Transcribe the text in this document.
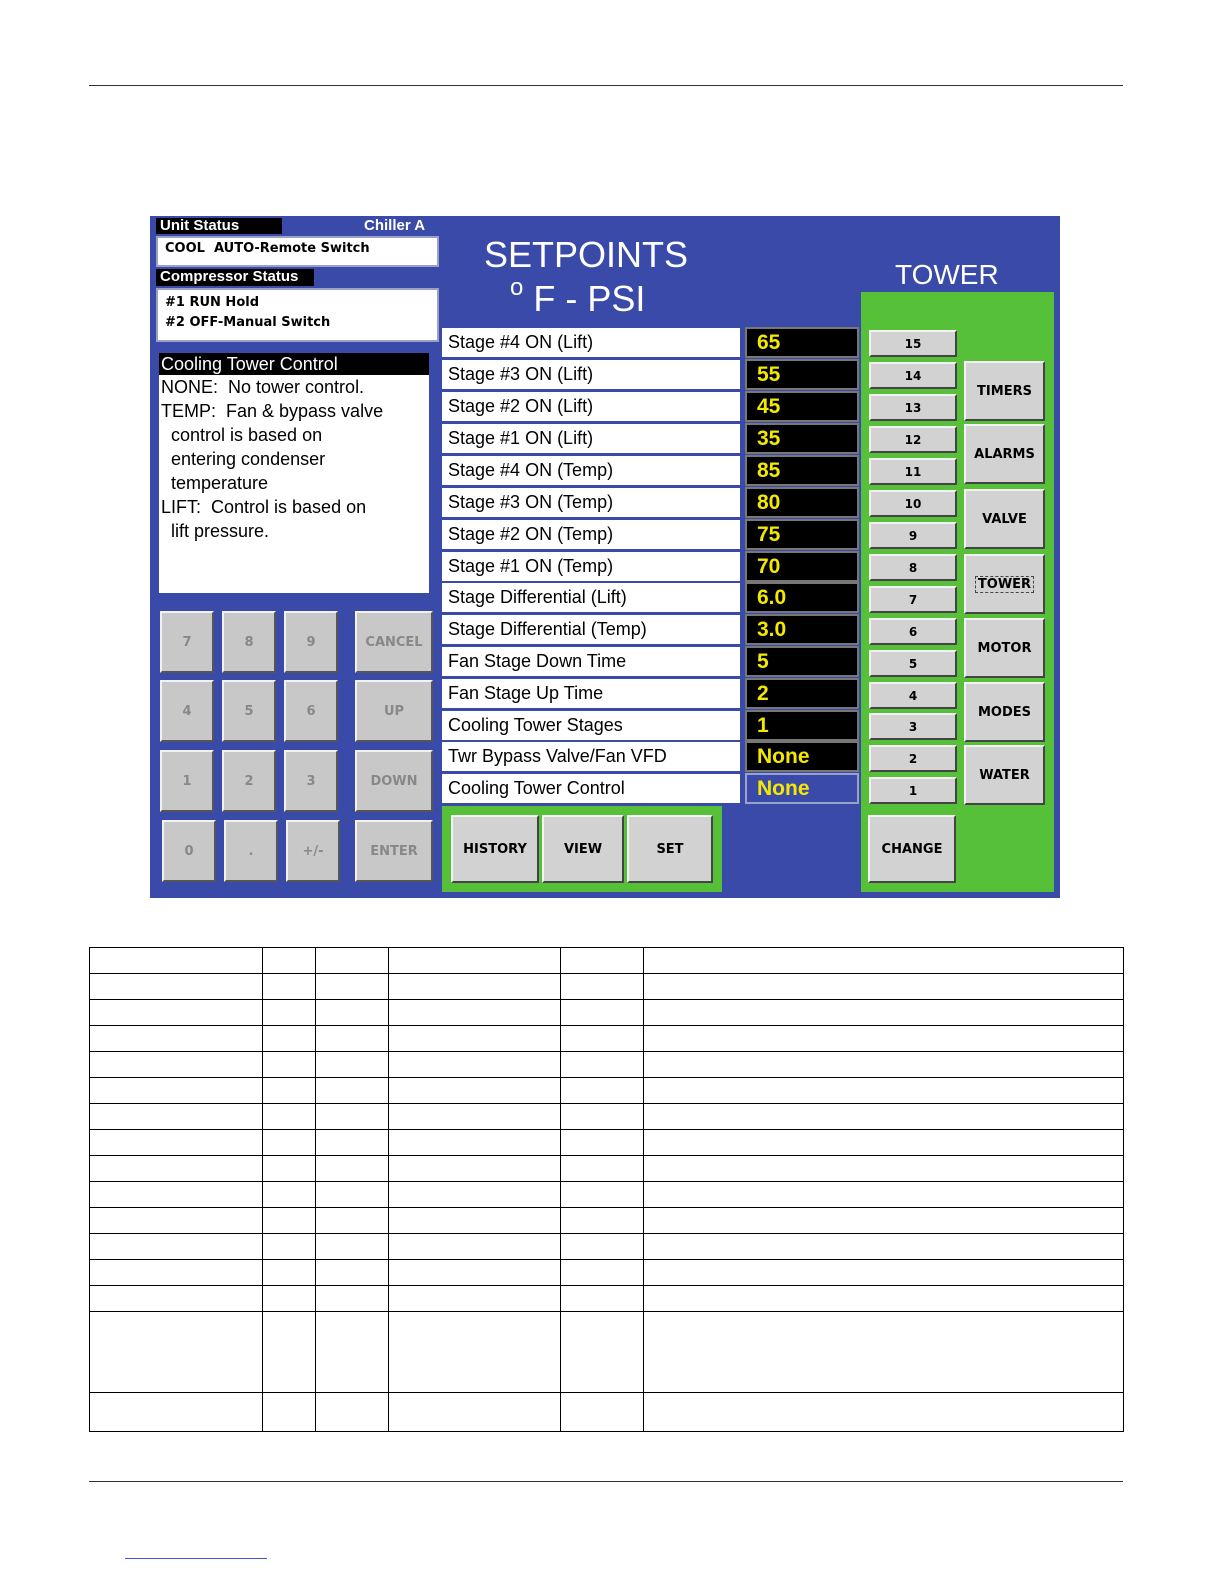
Unit Status	Chiller A
COOL  AUTO-Remote Switch
Compressor Status
#1 RUN Hold
#2 OFF-Manual Switch
Cooling Tower Control
NONE:  No tower control.
TEMP:  Fan & bypass valve
control is based on
entering condenser
temperature
LIFT:  Control is based on
lift pressure.
7	8	9	CANCEL
4	5	6	UP
1	2	3	DOWN
0	.	+/-	ENTER
SETPOINTS
$^o$ F - PSI
TOWER
Stage #4 ON (Lift)	65
Stage #3 ON (Lift)	55
Stage #2 ON (Lift)	45
Stage #1 ON (Lift)	35
Stage #4 ON (Temp)	85
Stage #3 ON (Temp)	80
Stage #2 ON (Temp)	75
Stage #1 ON (Temp)	70
Stage Differential (Lift)	6.0
Stage Differential (Temp)	3.0
Fan Stage Down Time	5
Fan Stage Up Time	2
Cooling Tower Stages	1
Twr Bypass Valve/Fan VFD	None
Cooling Tower Control	None
15
14
13
12
11
10
9
8
7
6
5
4
3
2
1
TIMERS
ALARMS
VALVE
TOWER
MOTOR
MODES
WATER
HISTORY	VIEW	SET	CHANGE
